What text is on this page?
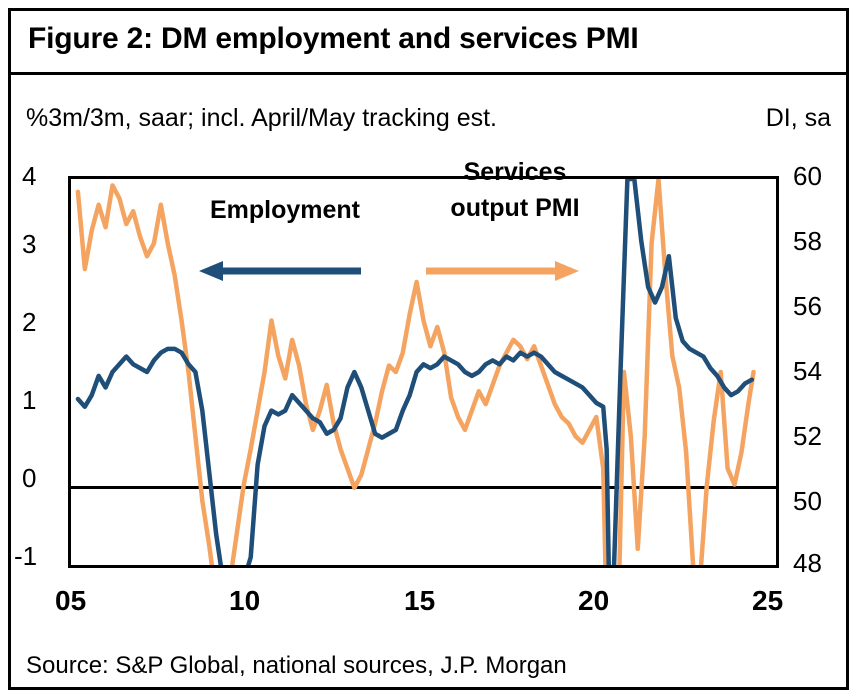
Figure 2: DM employment and services PMI
%3m/3m, saar; incl. April/May tracking est.	DI, sa
4
3
2
1
0
-1
60
58
56
54
52
50
48
05	10	15	20	25
Employment
Services
output PMI
Source: S&P Global, national sources, J.P. Morgan
